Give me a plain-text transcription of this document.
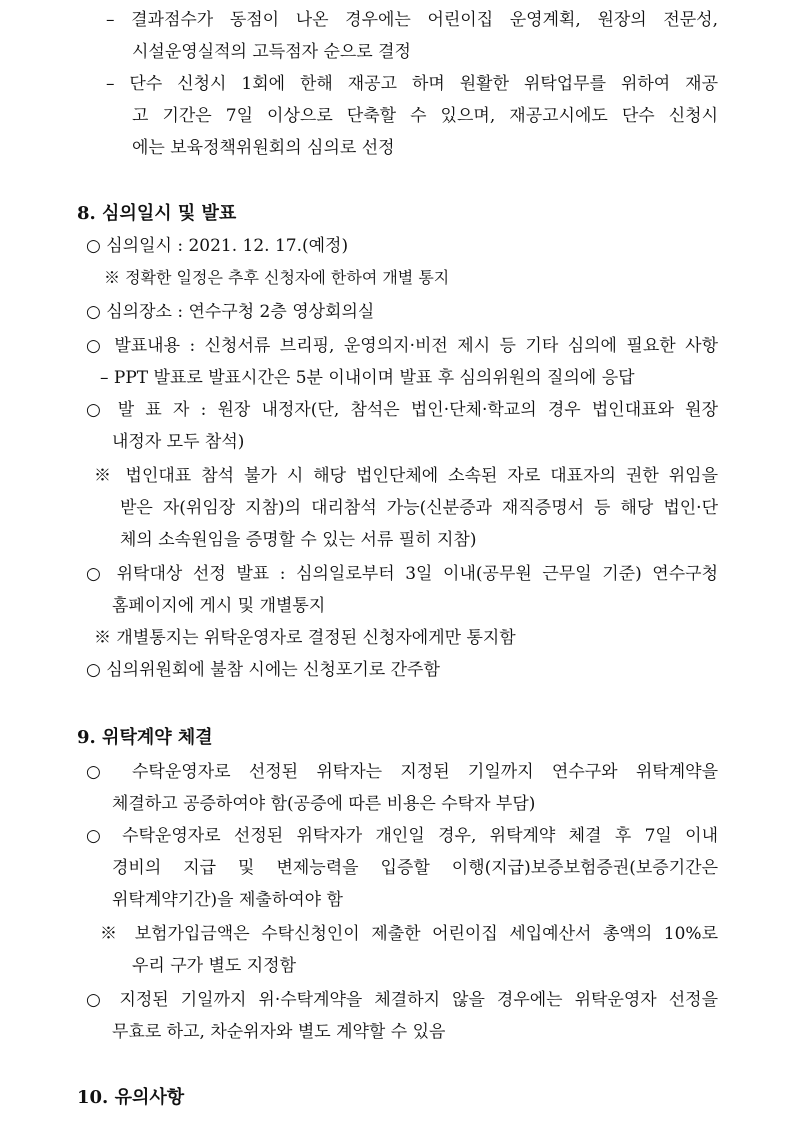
– 결과점수가 동점이 나온 경우에는 어린이집 운영계획, 원장의 전문성,
시설운영실적의 고득점자 순으로 결정
– 단수 신청시 1회에 한해 재공고 하며 원활한 위탁업무를 위하여 재공
고 기간은 7일 이상으로 단축할 수 있으며, 재공고시에도 단수 신청시
에는 보육정책위원회의 심의로 선정
8. 심의일시 및 발표
○ 심의일시 : 2021. 12. 17.(예정)
※ 정확한 일정은 추후 신청자에 한하여 개별 통지
○ 심의장소 : 연수구청 2층 영상회의실
○ 발표내용 : 신청서류 브리핑, 운영의지·비전 제시 등 기타 심의에 필요한 사항
– PPT 발표로 발표시간은 5분 이내이며 발표 후 심의위원의 질의에 응답
○ 발 표 자 : 원장 내정자(단, 참석은 법인·단체·학교의 경우 법인대표와 원장
내정자 모두 참석)
※ 법인대표 참석 불가 시 해당 법인단체에 소속된 자로 대표자의 권한 위임을
받은 자(위임장 지참)의 대리참석 가능(신분증과 재직증명서 등 해당 법인·단
체의 소속원임을 증명할 수 있는 서류 필히 지참)
○ 위탁대상 선정 발표 : 심의일로부터 3일 이내(공무원 근무일 기준) 연수구청
홈페이지에 게시 및 개별통지
※ 개별통지는 위탁운영자로 결정된 신청자에게만 통지함
○ 심의위원회에 불참 시에는 신청포기로 간주함
9. 위탁계약 체결
○ 수탁운영자로 선정된 위탁자는 지정된 기일까지 연수구와 위탁계약을
체결하고 공증하여야 함(공증에 따른 비용은 수탁자 부담)
○ 수탁운영자로 선정된 위탁자가 개인일 경우, 위탁계약 체결 후 7일 이내
경비의 지급 및 변제능력을 입증할 이행(지급)보증보험증권(보증기간은
위탁계약기간)을 제출하여야 함
※ 보험가입금액은 수탁신청인이 제출한 어린이집 세입예산서 총액의 10%로
우리 구가 별도 지정함
○ 지정된 기일까지 위·수탁계약을 체결하지 않을 경우에는 위탁운영자 선정을
무효로 하고, 차순위자와 별도 계약할 수 있음
10. 유의사항
